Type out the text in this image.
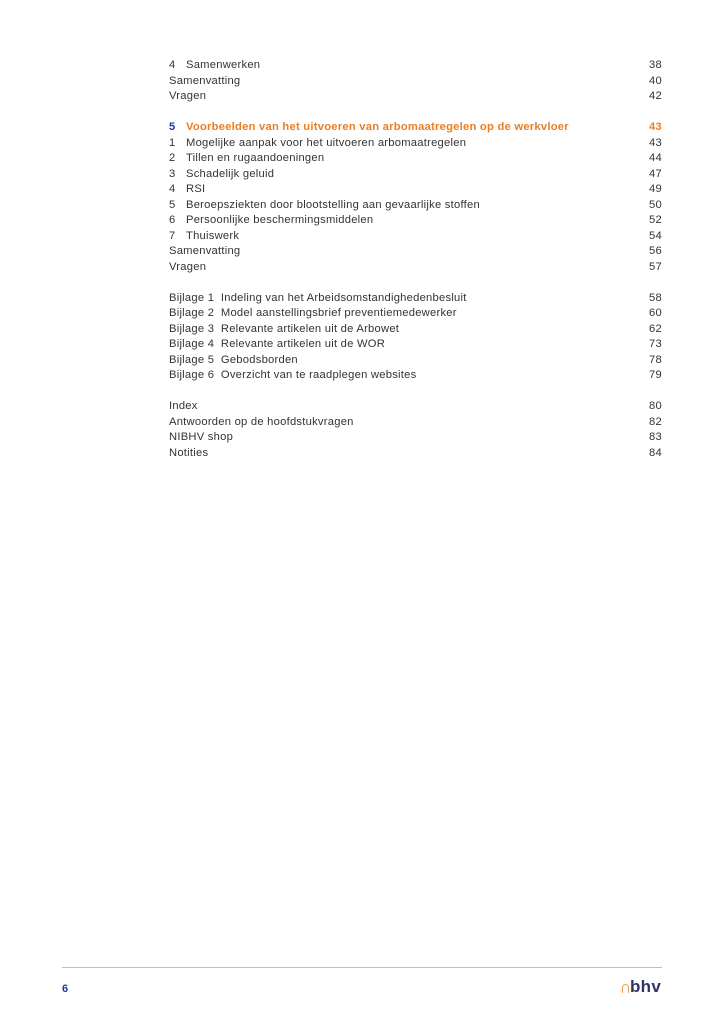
4 Samenwerken	38
Samenvatting	40
Vragen	42
5 Voorbeelden van het uitvoeren van arbomaatregelen op de werkvloer	43
1 Mogelijke aanpak voor het uitvoeren arbomaatregelen	43
2 Tillen en rugaandoeningen	44
3 Schadelijk geluid	47
4 RSI	49
5 Beroepsziekten door blootstelling aan gevaarlijke stoffen	50
6 Persoonlijke beschermingsmiddelen	52
7 Thuiswerk	54
Samenvatting	56
Vragen	57
Bijlage 1  Indeling van het Arbeidsomstandighedenbesluit	58
Bijlage 2  Model aanstellingsbrief preventiemedewerker	60
Bijlage 3  Relevante artikelen uit de Arbowet	62
Bijlage 4  Relevante artikelen uit de WOR	73
Bijlage 5  Gebodsborden	78
Bijlage 6  Overzicht van te raadplegen websites	79
Index	80
Antwoorden op de hoofdstukvragen	82
NIBHV shop	83
Notities	84
6	bhv
